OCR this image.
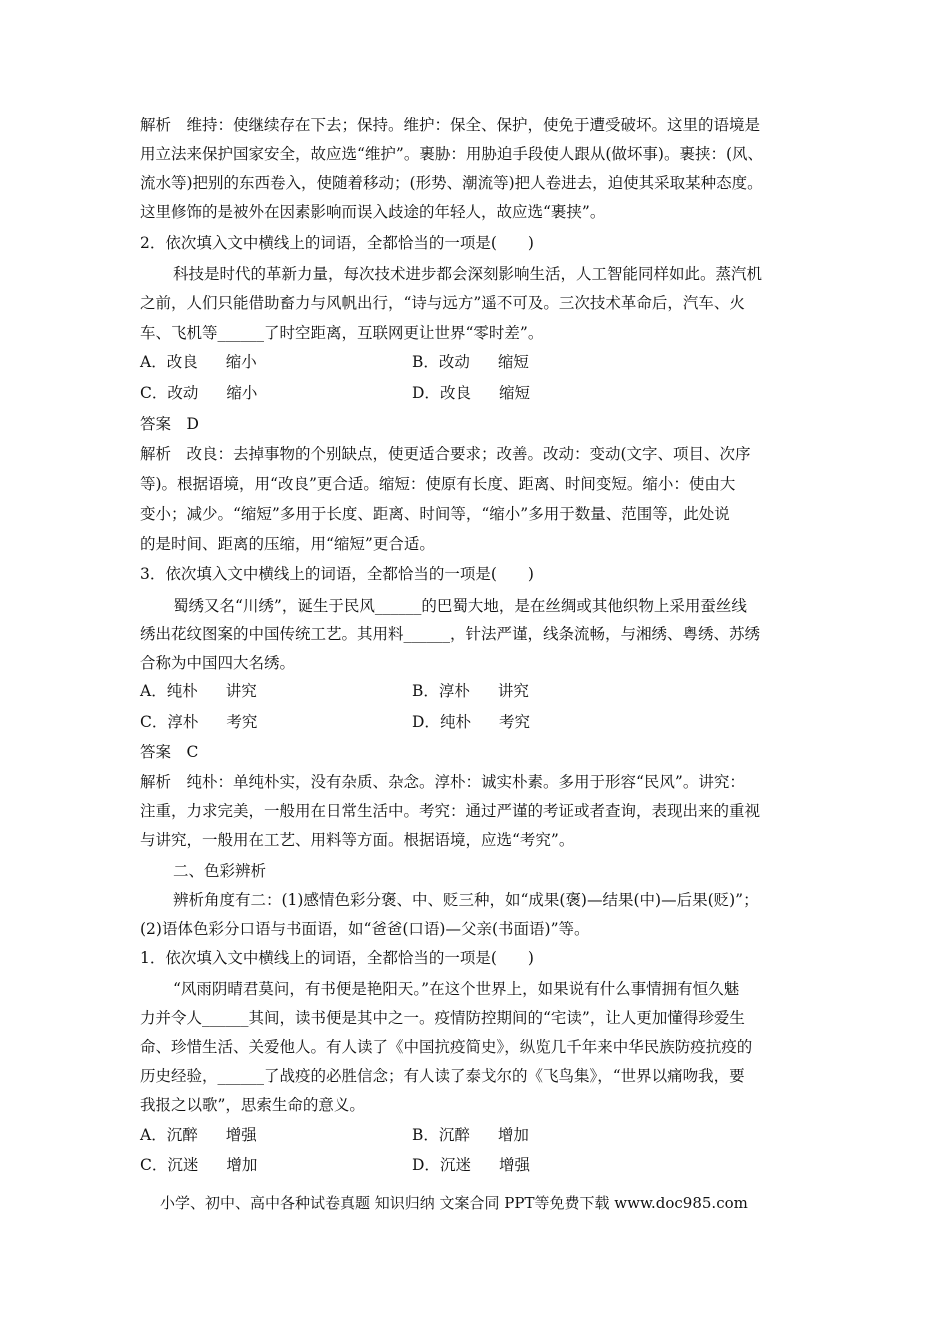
解析　维持：使继续存在下去；保持。维护：保全、保护，使免于遭受破坏。这里的语境是
用立法来保护国家安全，故应选“维护”。裹胁：用胁迫手段使人跟从(做坏事)。裹挟：(风、
流水等)把别的东西卷入，使随着移动；(形势、潮流等)把人卷进去，迫使其采取某种态度。
这里修饰的是被外在因素影响而误入歧途的年轻人，故应选“裹挟”。
2．依次填入文中横线上的词语，全都恰当的一项是(　　)
科技是时代的革新力量，每次技术进步都会深刻影响生活，人工智能同样如此。蒸汽机
之前，人们只能借助畜力与风帆出行，“诗与远方”遥不可及。三次技术革命后，汽车、火
车、飞机等______了时空距离，互联网更让世界“零时差”。
A．改良 缩小	B．改动 缩短
C．改动 缩小	D．改良 缩短
答案　D
解析　改良：去掉事物的个别缺点，使更适合要求；改善。改动：变动(文字、项目、次序
等)。根据语境，用“改良”更合适。缩短：使原有长度、距离、时间变短。缩小：使由大
变小；减少。“缩短”多用于长度、距离、时间等，“缩小”多用于数量、范围等，此处说
的是时间、距离的压缩，用“缩短”更合适。
3．依次填入文中横线上的词语，全都恰当的一项是(　　)
蜀绣又名“川绣”，诞生于民风______的巴蜀大地，是在丝绸或其他织物上采用蚕丝线
绣出花纹图案的中国传统工艺。其用料______，针法严谨，线条流畅，与湘绣、粤绣、苏绣
合称为中国四大名绣。
A．纯朴 讲究	B．淳朴 讲究
C．淳朴 考究	D．纯朴 考究
答案　C
解析　纯朴：单纯朴实，没有杂质、杂念。淳朴：诚实朴素。多用于形容“民风”。讲究：
注重，力求完美，一般用在日常生活中。考究：通过严谨的考证或者查询，表现出来的重视
与讲究，一般用在工艺、用料等方面。根据语境，应选“考究”。
二、色彩辨析
辨析角度有二：(1)感情色彩分褒、中、贬三种，如“成果(褒)—结果(中)—后果(贬)”；
(2)语体色彩分口语与书面语，如“爸爸(口语)—父亲(书面语)”等。
1．依次填入文中横线上的词语，全都恰当的一项是(　　)
“风雨阴晴君莫问，有书便是艳阳天。”在这个世界上，如果说有什么事情拥有恒久魅
力并令人______其间，读书便是其中之一。疫情防控期间的“宅读”，让人更加懂得珍爱生
命、珍惜生活、关爱他人。有人读了《中国抗疫简史》，纵览几千年来中华民族防疫抗疫的
历史经验，______了战疫的必胜信念；有人读了泰戈尔的《飞鸟集》，“世界以痛吻我，要
我报之以歌”，思索生命的意义。
A．沉醉 增强	B．沉醉 增加
C．沉迷 增加	D．沉迷 增强
小学、初中、高中各种试卷真题 知识归纳 文案合同 PPT等免费下载 www.doc985.com
